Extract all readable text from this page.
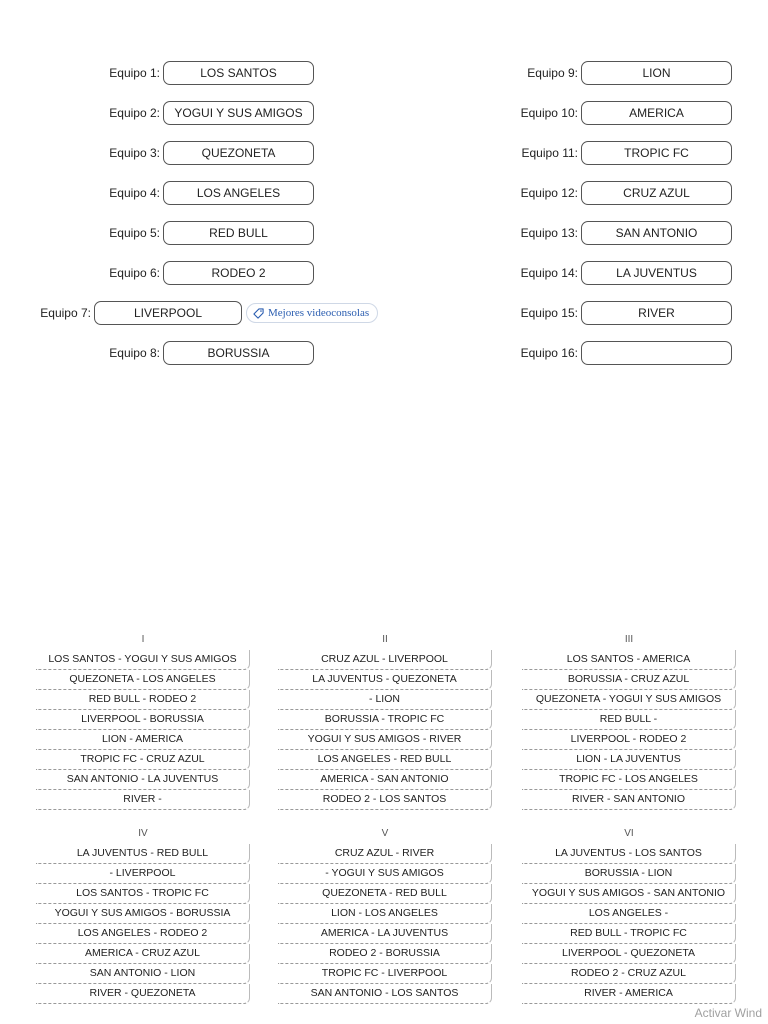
Equipo 1:
LOS SANTOS
Equipo 2:
YOGUI Y SUS AMIGOS
Equipo 3:
QUEZONETA
Equipo 4:
LOS ANGELES
Equipo 5:
RED BULL
Equipo 6:
RODEO 2
Equipo 7:
LIVERPOOL
Equipo 8:
BORUSSIA
Equipo 9:
LION
Equipo 10:
AMERICA
Equipo 11:
TROPIC FC
Equipo 12:
CRUZ AZUL
Equipo 13:
SAN ANTONIO
Equipo 14:
LA JUVENTUS
Equipo 15:
RIVER
Equipo 16:
Mejores videoconsolas
I
LOS SANTOS - YOGUI Y SUS AMIGOS
QUEZONETA - LOS ANGELES
RED BULL - RODEO 2
LIVERPOOL - BORUSSIA
LION - AMERICA
TROPIC FC - CRUZ AZUL
SAN ANTONIO - LA JUVENTUS
RIVER -
II
CRUZ AZUL - LIVERPOOL
LA JUVENTUS - QUEZONETA
- LION
BORUSSIA - TROPIC FC
YOGUI Y SUS AMIGOS - RIVER
LOS ANGELES - RED BULL
AMERICA - SAN ANTONIO
RODEO 2 - LOS SANTOS
III
LOS SANTOS - AMERICA
BORUSSIA - CRUZ AZUL
QUEZONETA - YOGUI Y SUS AMIGOS
RED BULL -
LIVERPOOL - RODEO 2
LION - LA JUVENTUS
TROPIC FC - LOS ANGELES
RIVER - SAN ANTONIO
IV
LA JUVENTUS - RED BULL
- LIVERPOOL
LOS SANTOS - TROPIC FC
YOGUI Y SUS AMIGOS - BORUSSIA
LOS ANGELES - RODEO 2
AMERICA - CRUZ AZUL
SAN ANTONIO - LION
RIVER - QUEZONETA
V
CRUZ AZUL - RIVER
- YOGUI Y SUS AMIGOS
QUEZONETA - RED BULL
LION - LOS ANGELES
AMERICA - LA JUVENTUS
RODEO 2 - BORUSSIA
TROPIC FC - LIVERPOOL
SAN ANTONIO - LOS SANTOS
VI
LA JUVENTUS - LOS SANTOS
BORUSSIA - LION
YOGUI Y SUS AMIGOS - SAN ANTONIO
LOS ANGELES -
RED BULL - TROPIC FC
LIVERPOOL - QUEZONETA
RODEO 2 - CRUZ AZUL
RIVER - AMERICA
Activar Wind
